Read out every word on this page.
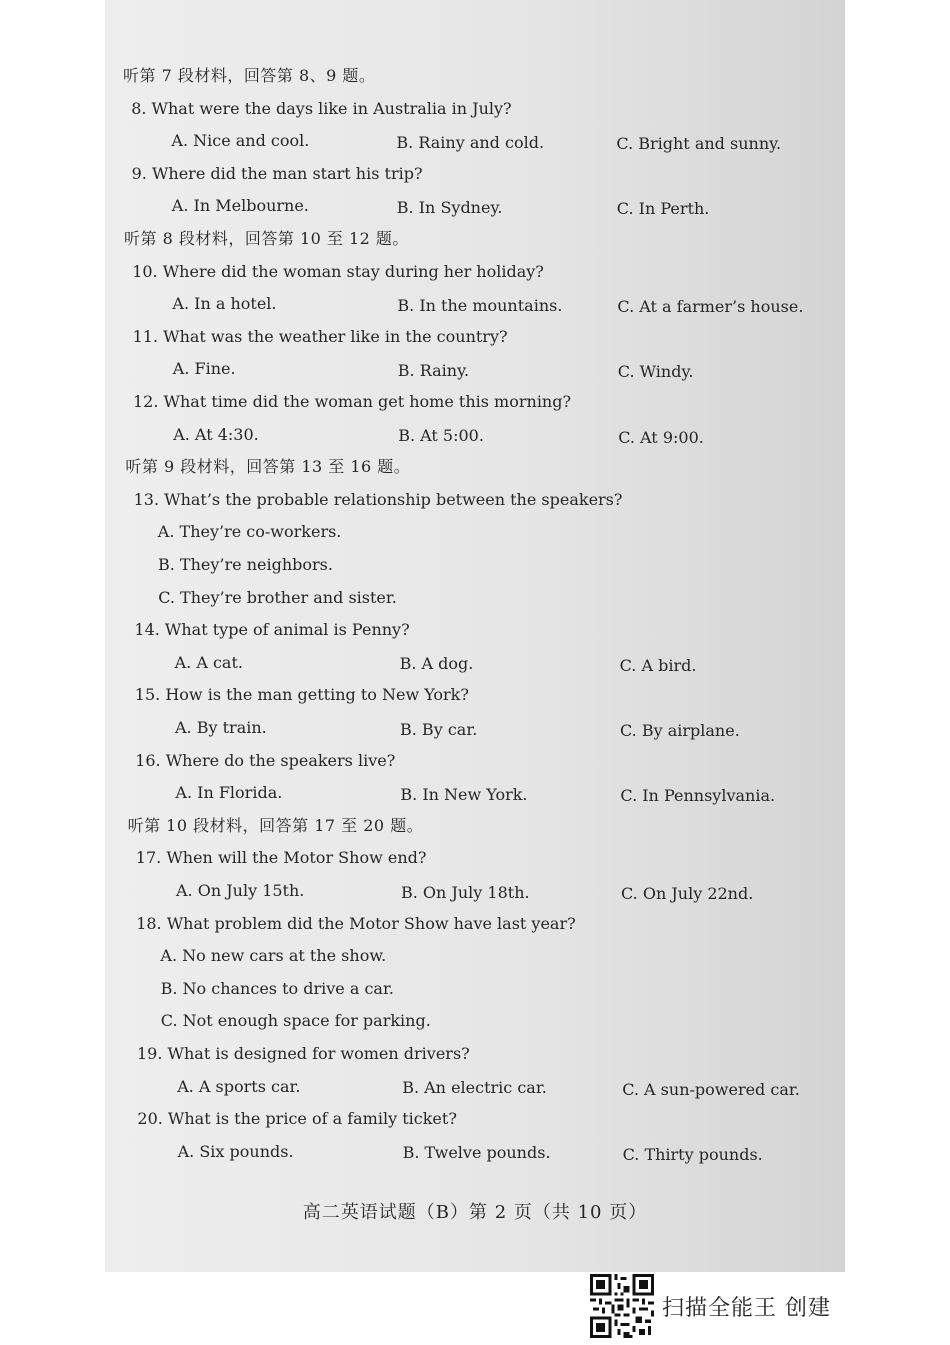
听第 7 段材料，回答第 8、9 题。
8. What were the days like in Australia in July?
A. Nice and cool.	B. Rainy and cold.	C. Bright and sunny.
9. Where did the man start his trip?
A. In Melbourne.	B. In Sydney.	C. In Perth.
听第 8 段材料，回答第 10 至 12 题。
10. Where did the woman stay during her holiday?
A. In a hotel.	B. In the mountains.	C. At a farmer’s house.
11. What was the weather like in the country?
A. Fine.	B. Rainy.	C. Windy.
12. What time did the woman get home this morning?
A. At 4:30.	B. At 5:00.	C. At 9:00.
听第 9 段材料，回答第 13 至 16 题。
13. What’s the probable relationship between the speakers?
A. They’re co-workers.
B. They’re neighbors.
C. They’re brother and sister.
14. What type of animal is Penny?
A. A cat.	B. A dog.	C. A bird.
15. How is the man getting to New York?
A. By train.	B. By car.	C. By airplane.
16. Where do the speakers live?
A. In Florida.	B. In New York.	C. In Pennsylvania.
听第 10 段材料，回答第 17 至 20 题。
17. When will the Motor Show end?
A. On July 15th.	B. On July 18th.	C. On July 22nd.
18. What problem did the Motor Show have last year?
A. No new cars at the show.
B. No chances to drive a car.
C. Not enough space for parking.
19. What is designed for women drivers?
A. A sports car.	B. An electric car.	C. A sun-powered car.
20. What is the price of a family ticket?
A. Six pounds.	B. Twelve pounds.	C. Thirty pounds.
高二英语试题（B）第 2 页（共 10 页）
扫描全能王 创建
